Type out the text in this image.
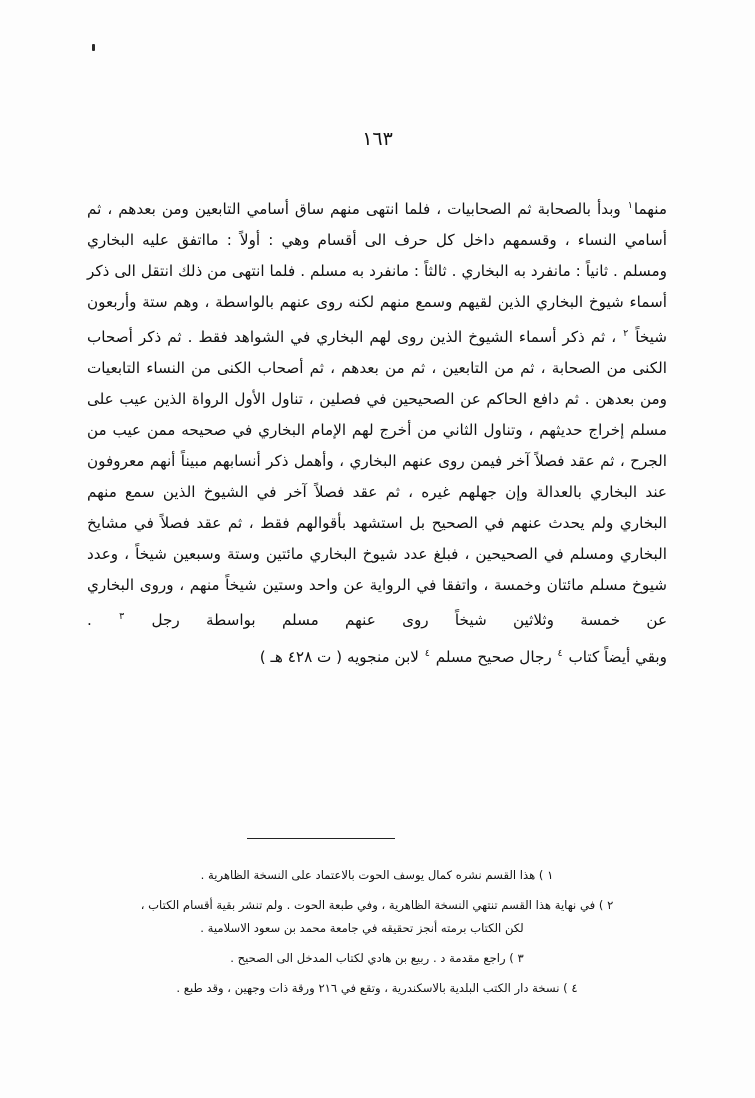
١٦٣

منهما$^١$ وبدأ بالصحابة ثم الصحابيات ، فلما انتهى منهم ساق أسامي التابعين ومن بعدهم ، ثم أسامي النساء ، وقسمهم داخل كل حرف الى أقسام وهي : أولاً : مااتفق عليه البخاري ومسلم . ثانياً : مانفرد به البخاري . ثالثاً : مانفرد به مسلم . فلما انتهى من ذلك انتقل الى ذكر أسماء شيوخ البخاري الذين لقيهم وسمع منهم لكنه روى عنهم بالواسطة ، وهم ستة وأربعون شيخاً $^٢$ ، ثم ذكر أسماء الشيوخ الذين روى لهم البخاري في الشواهد فقط . ثم ذكر أصحاب الكنى من الصحابة ، ثم من التابعين ، ثم من بعدهم ، ثم أصحاب الكنى من النساء التابعيات ومن بعدهن . ثم دافع الحاكم عن الصحيحين في فصلين ، تناول الأول الرواة الذين عيب على مسلم إخراج حديثهم ، وتناول الثاني من أخرج لهم الإمام البخاري في صحيحه ممن عيب من الجرح ، ثم عقد فصلاً آخر فيمن روى عنهم البخاري ، وأهمل ذكر أنسابهم مبيناً أنهم معروفون عند البخاري بالعدالة وإن جهلهم غيره ، ثم عقد فصلاً آخر في الشيوخ الذين سمع منهم البخاري ولم يحدث عنهم في الصحيح بل استشهد بأقوالهم فقط ، ثم عقد فصلاً في مشايخ البخاري ومسلم في الصحيحين ، فبلغ عدد شيوخ البخاري مائتين وستة وسبعين شيخاً ، وعدد شيوخ مسلم مائتان وخمسة ، واتفقا في الرواية عن واحد وستين شيخاً منهم ، وروى البخاري عن خمسة وثلاثين شيخاً روى عنهم مسلم بواسطة رجل $^٣$ .

وبقي أيضاً كتاب $^٤$ رجال صحيح مسلم $^٤$ لابن منجويه ( ت ٤٢٨ هـ )

١ ) هذا القسم نشره كمال يوسف الحوت بالاعتماد على النسخة الظاهرية .
٢ ) في نهاية هذا القسم تنتهي النسخة الظاهرية ، وفي طبعة الحوت . ولم تنشر بقية أقسام الكتاب ،
لكن الكتاب برمته أنجز تحقيقه في جامعة محمد بن سعود الاسلامية .
٣ ) راجع مقدمة د . ربيع بن هادي لكتاب المدخل الى الصحيح .
٤ ) نسخة دار الكتب البلدية بالاسكندرية ، وتقع في ٢١٦ ورقة ذات وجهين ، وقد طبع .
